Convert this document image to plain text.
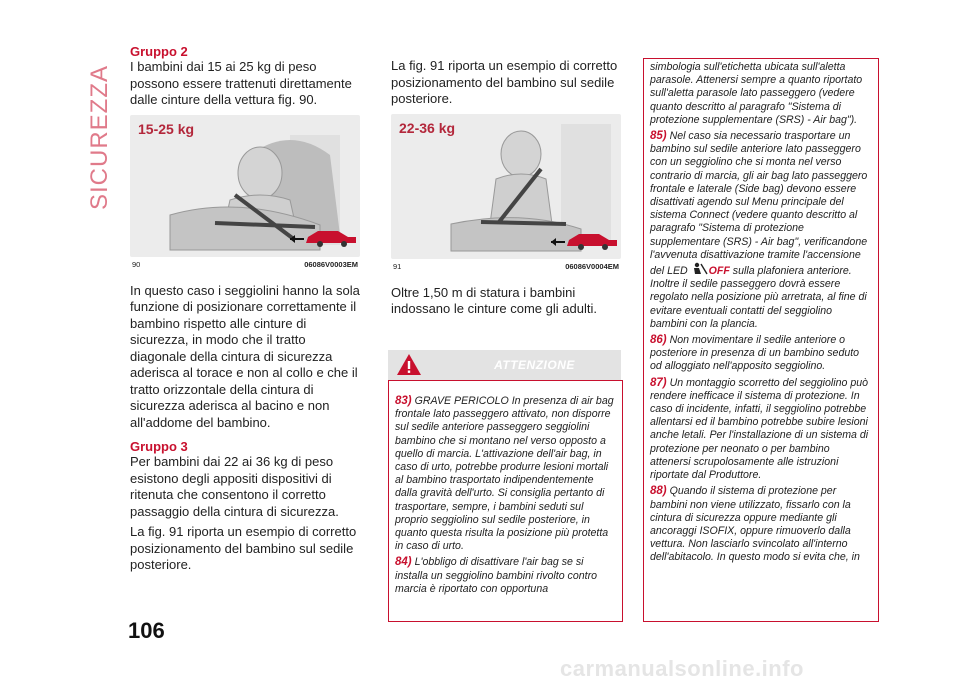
SICUREZZA

Gruppo 2

I bambini dai 15 ai 25 kg di peso possono essere trattenuti direttamente dalle cinture della vettura fig. 90.

15-25 kg
90	06086V0003EM

In questo caso i seggiolini hanno la sola funzione di posizionare correttamente il bambino rispetto alle cinture di sicurezza, in modo che il tratto diagonale della cintura di sicurezza aderisca al torace e non al collo e che il tratto orizzontale della cintura di sicurezza aderisca al bacino e non all'addome del bambino.

Gruppo 3

Per bambini dai 22 ai 36 kg di peso esistono degli appositi dispositivi di ritenuta che consentono il corretto passaggio della cintura di sicurezza.

La fig. 91 riporta un esempio di corretto posizionamento del bambino sul sedile posteriore.

La fig. 91 riporta un esempio di corretto posizionamento del bambino sul sedile posteriore.

22-36 kg
91	06086V0004EM

Oltre 1,50 m di statura i bambini indossano le cinture come gli adulti.

ATTENZIONE

83) GRAVE PERICOLO In presenza di air bag frontale lato passeggero attivato, non disporre sul sedile anteriore passeggero seggiolini bambino che si montano nel verso opposto a quello di marcia. L'attivazione dell'air bag, in caso di urto, potrebbe produrre lesioni mortali al bambino trasportato indipendentemente dalla gravità dell'urto. Si consiglia pertanto di trasportare, sempre, i bambini seduti sul proprio seggiolino sul sedile posteriore, in quanto questa risulta la posizione più protetta in caso di urto.

84) L'obbligo di disattivare l'air bag se si installa un seggiolino bambini rivolto contro marcia è riportato con opportuna

simbologia sull'etichetta ubicata sull'aletta parasole. Attenersi sempre a quanto riportato sull'aletta parasole lato passeggero (vedere quanto descritto al paragrafo "Sistema di protezione supplementare (SRS) - Air bag").

85) Nel caso sia necessario trasportare un bambino sul sedile anteriore lato passeggero con un seggiolino che si monta nel verso contrario di marcia, gli air bag lato passeggero frontale e laterale (Side bag) devono essere disattivati agendo sul Menu principale del sistema Connect (vedere quanto descritto al paragrafo "Sistema di protezione supplementare (SRS) - Air bag", verificandone l'avvenuta disattivazione tramite l'accensione del LED OFF sulla plafoniera anteriore. Inoltre il sedile passeggero dovrà essere regolato nella posizione più arretrata, al fine di evitare eventuali contatti del seggiolino bambini con la plancia.

86) Non movimentare il sedile anteriore o posteriore in presenza di un bambino seduto od alloggiato nell'apposito seggiolino.

87) Un montaggio scorretto del seggiolino può rendere inefficace il sistema di protezione. In caso di incidente, infatti, il seggiolino potrebbe allentarsi ed il bambino potrebbe subire lesioni anche letali. Per l'installazione di un sistema di protezione per neonato o per bambino attenersi scrupolosamente alle istruzioni riportate dal Produttore.

88) Quando il sistema di protezione per bambini non viene utilizzato, fissarlo con la cintura di sicurezza oppure mediante gli ancoraggi ISOFIX, oppure rimuoverlo dalla vettura. Non lasciarlo svincolato all'interno dell'abitacolo. In questo modo si evita che, in

106
carmanualsonline.info
